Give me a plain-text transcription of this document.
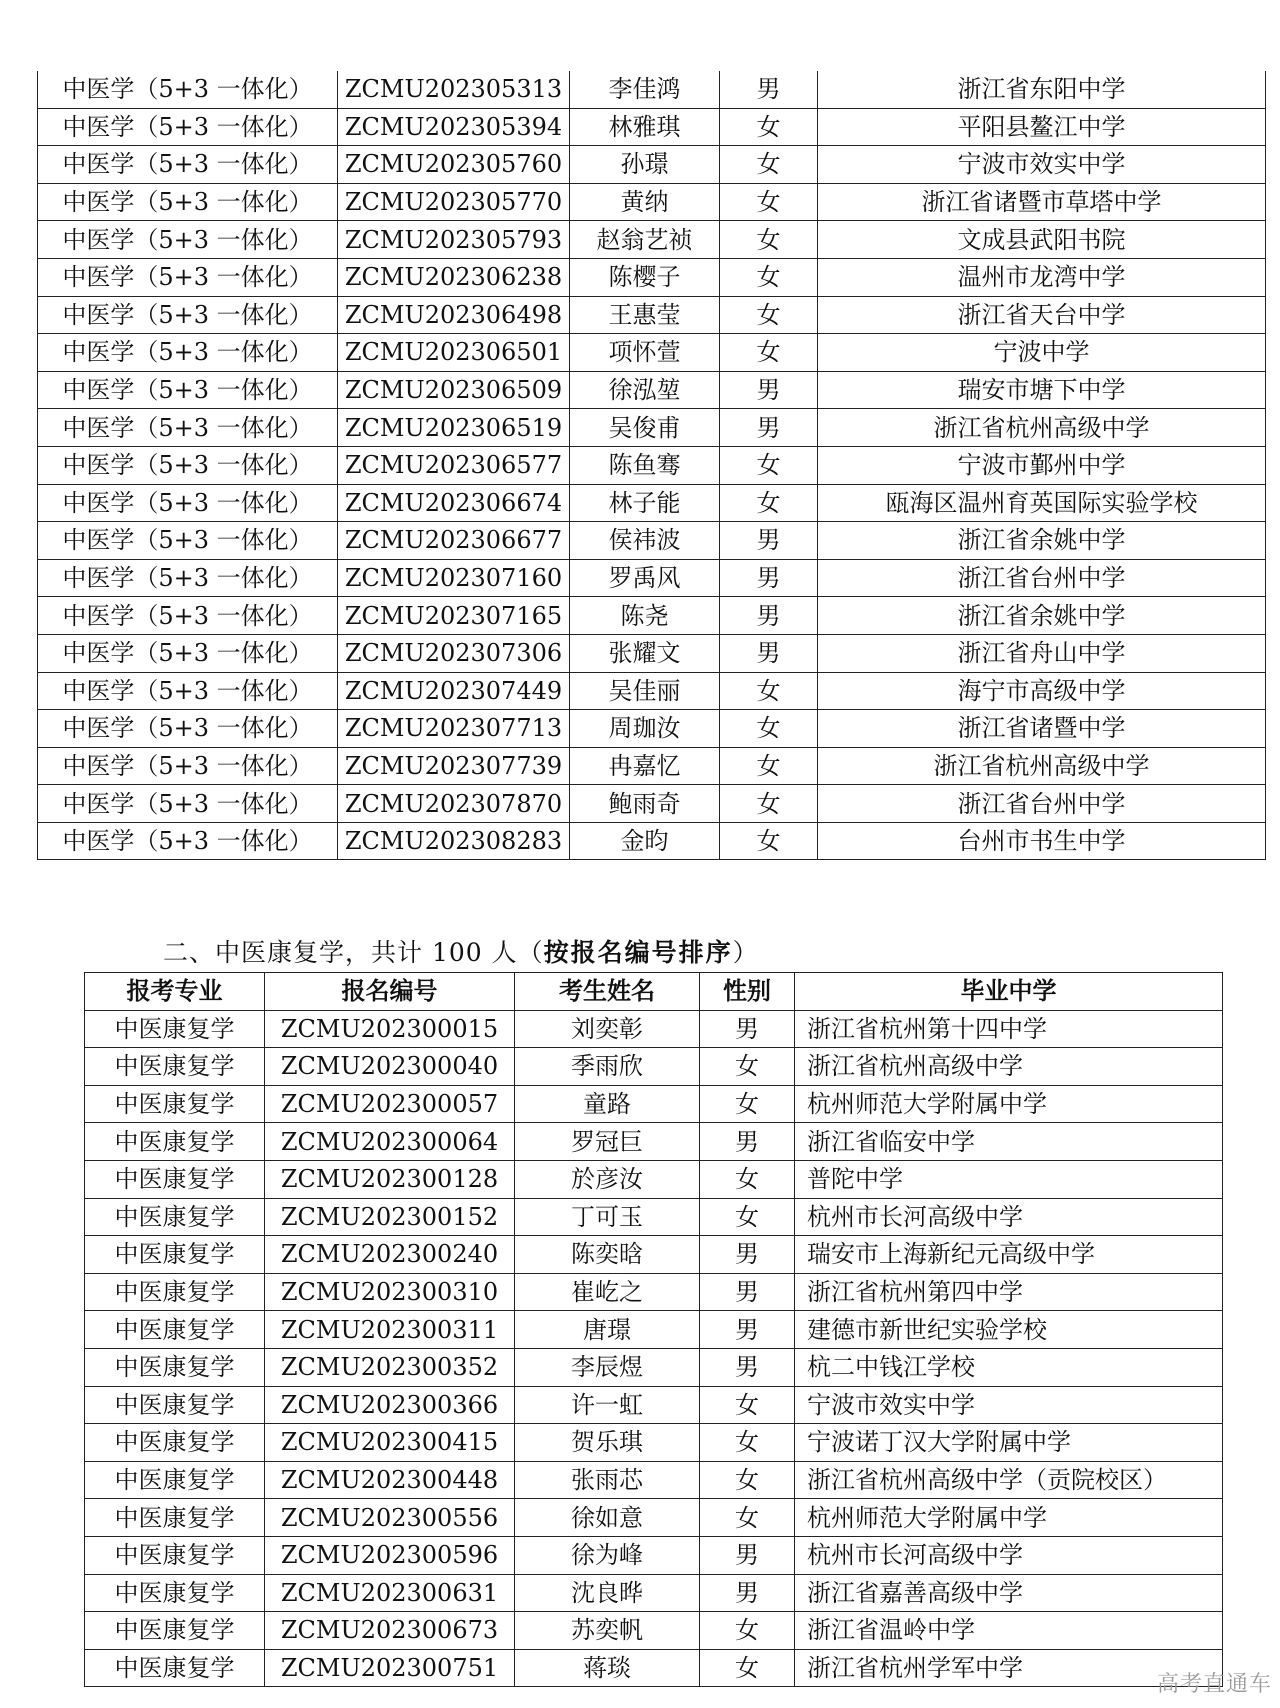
中医学（5+3 一体化）	ZCMU202305313	李佳鸿	男	浙江省东阳中学
中医学（5+3 一体化）	ZCMU202305394	林雅琪	女	平阳县鳌江中学
中医学（5+3 一体化）	ZCMU202305760	孙璟	女	宁波市效实中学
中医学（5+3 一体化）	ZCMU202305770	黄纳	女	浙江省诸暨市草塔中学
中医学（5+3 一体化）	ZCMU202305793	赵翁艺祯	女	文成县武阳书院
中医学（5+3 一体化）	ZCMU202306238	陈樱子	女	温州市龙湾中学
中医学（5+3 一体化）	ZCMU202306498	王惠莹	女	浙江省天台中学
中医学（5+3 一体化）	ZCMU202306501	项怀萱	女	宁波中学
中医学（5+3 一体化）	ZCMU202306509	徐泓堃	男	瑞安市塘下中学
中医学（5+3 一体化）	ZCMU202306519	吴俊甫	男	浙江省杭州高级中学
中医学（5+3 一体化）	ZCMU202306577	陈鱼骞	女	宁波市鄞州中学
中医学（5+3 一体化）	ZCMU202306674	林子能	女	瓯海区温州育英国际实验学校
中医学（5+3 一体化）	ZCMU202306677	侯祎波	男	浙江省余姚中学
中医学（5+3 一体化）	ZCMU202307160	罗禹风	男	浙江省台州中学
中医学（5+3 一体化）	ZCMU202307165	陈尧	男	浙江省余姚中学
中医学（5+3 一体化）	ZCMU202307306	张耀文	男	浙江省舟山中学
中医学（5+3 一体化）	ZCMU202307449	吴佳丽	女	海宁市高级中学
中医学（5+3 一体化）	ZCMU202307713	周珈汝	女	浙江省诸暨中学
中医学（5+3 一体化）	ZCMU202307739	冉嘉忆	女	浙江省杭州高级中学
中医学（5+3 一体化）	ZCMU202307870	鲍雨奇	女	浙江省台州中学
中医学（5+3 一体化）	ZCMU202308283	金昀	女	台州市书生中学
二、中医康复学，共计 100 人（按报名编号排序）
报考专业	报名编号	考生姓名	性别	毕业中学
中医康复学	ZCMU202300015	刘奕彰	男	浙江省杭州第十四中学
中医康复学	ZCMU202300040	季雨欣	女	浙江省杭州高级中学
中医康复学	ZCMU202300057	童路	女	杭州师范大学附属中学
中医康复学	ZCMU202300064	罗冠巨	男	浙江省临安中学
中医康复学	ZCMU202300128	於彦汝	女	普陀中学
中医康复学	ZCMU202300152	丁可玉	女	杭州市长河高级中学
中医康复学	ZCMU202300240	陈奕晗	男	瑞安市上海新纪元高级中学
中医康复学	ZCMU202300310	崔屹之	男	浙江省杭州第四中学
中医康复学	ZCMU202300311	唐璟	男	建德市新世纪实验学校
中医康复学	ZCMU202300352	李辰煜	男	杭二中钱江学校
中医康复学	ZCMU202300366	许一虹	女	宁波市效实中学
中医康复学	ZCMU202300415	贺乐琪	女	宁波诺丁汉大学附属中学
中医康复学	ZCMU202300448	张雨芯	女	浙江省杭州高级中学（贡院校区）
中医康复学	ZCMU202300556	徐如意	女	杭州师范大学附属中学
中医康复学	ZCMU202300596	徐为峰	男	杭州市长河高级中学
中医康复学	ZCMU202300631	沈良晔	男	浙江省嘉善高级中学
中医康复学	ZCMU202300673	苏奕帆	女	浙江省温岭中学
中医康复学	ZCMU202300751	蒋琰	女	浙江省杭州学军中学
高考直通车
